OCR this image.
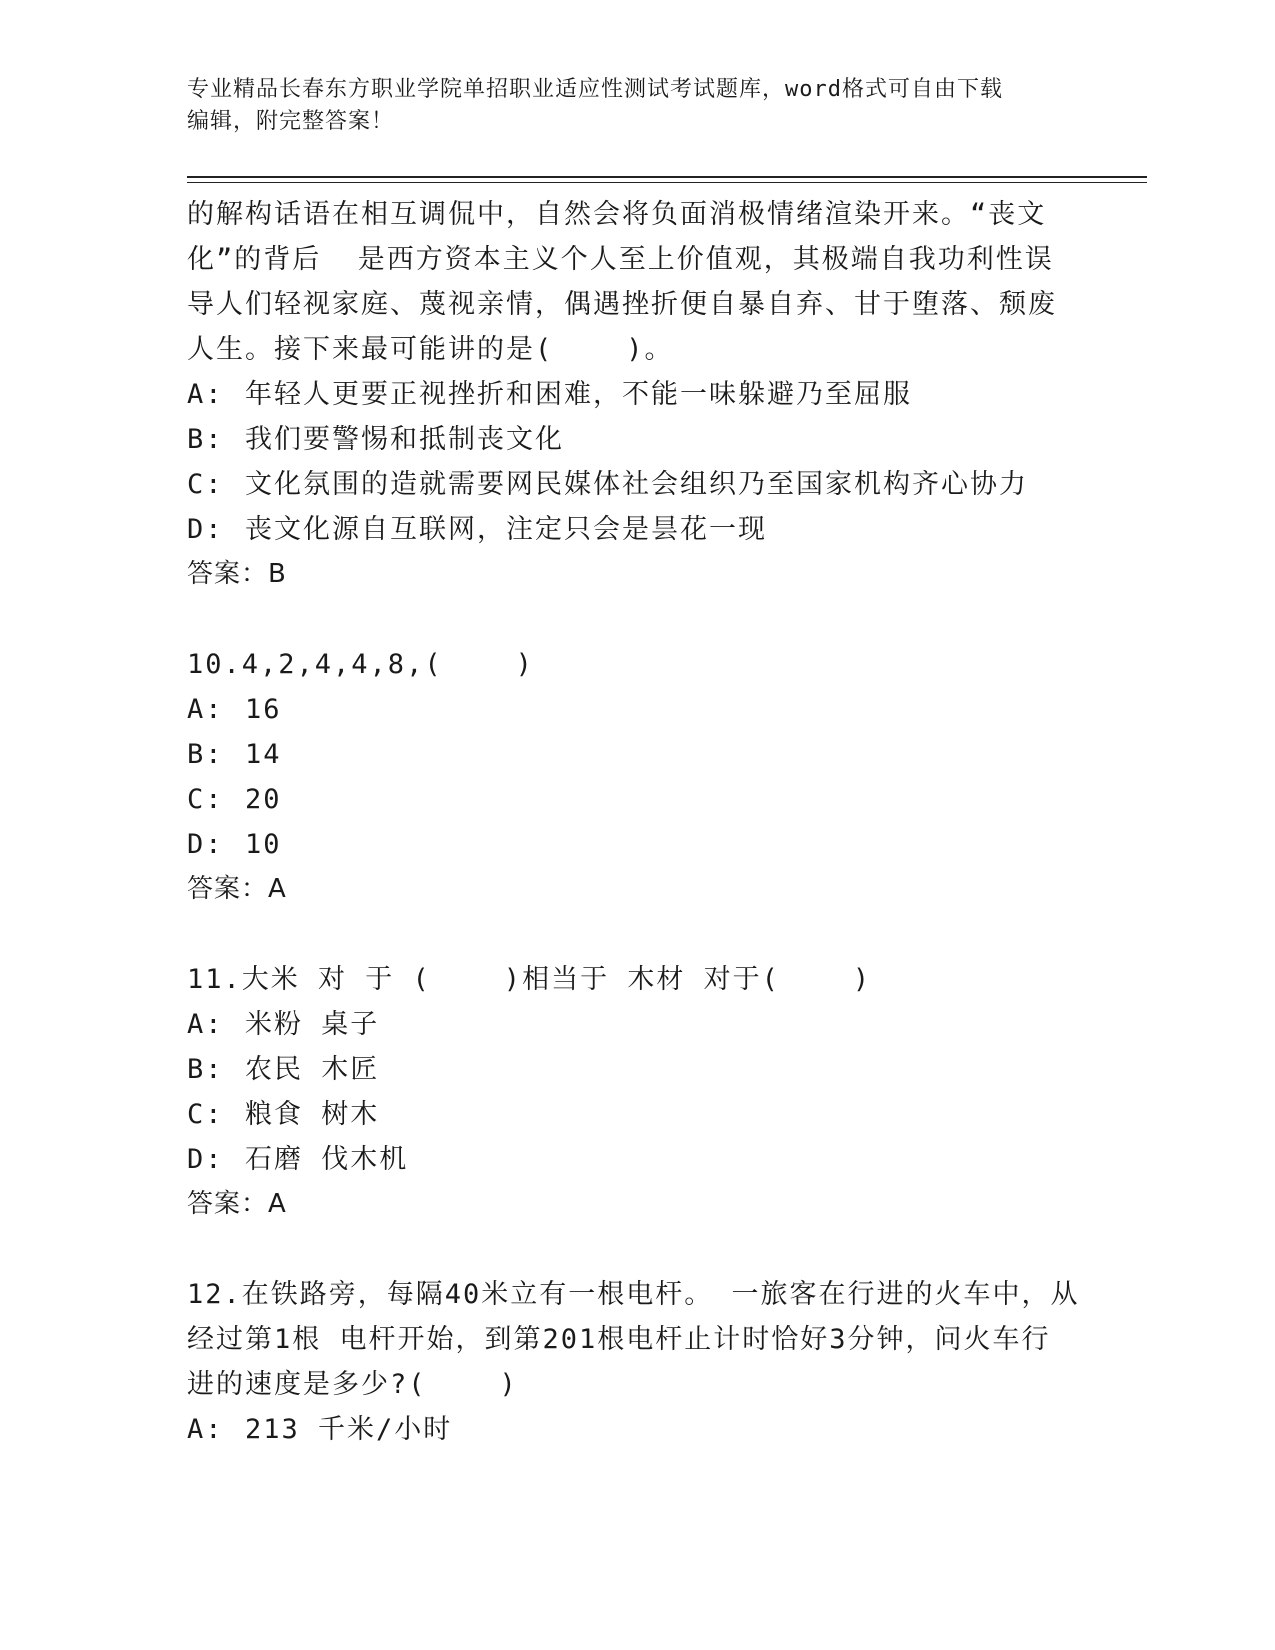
专业精品长春东方职业学院单招职业适应性测试考试题库，word格式可自由下载
编辑，附完整答案！
的解构话语在相互调侃中，自然会将负面消极情绪渲染开来。“丧文
化”的背后  是西方资本主义个人至上价值观，其极端自我功利性误
导人们轻视家庭、蔑视亲情，偶遇挫折便自暴自弃、甘于堕落、颓废
人生。接下来最可能讲的是(    )。
A: 年轻人更要正视挫折和困难，不能一味躲避乃至屈服
B: 我们要警惕和抵制丧文化
C: 文化氛围的造就需要网民媒体社会组织乃至国家机构齐心协力
D: 丧文化源自互联网，注定只会是昙花一现
答案：B
10.4,2,4,4,8,(    )
A: 16
B: 14
C: 20
D: 10
答案：A
11.大米 对 于 (    )相当于 木材 对于(    )
A: 米粉 桌子
B: 农民 木匠
C: 粮食 树木
D: 石磨 伐木机
答案：A
12.在铁路旁，每隔40米立有一根电杆。 一旅客在行进的火车中，从
经过第1根 电杆开始，到第201根电杆止计时恰好3分钟，问火车行
进的速度是多少?(    )
A: 213 千米/小时
